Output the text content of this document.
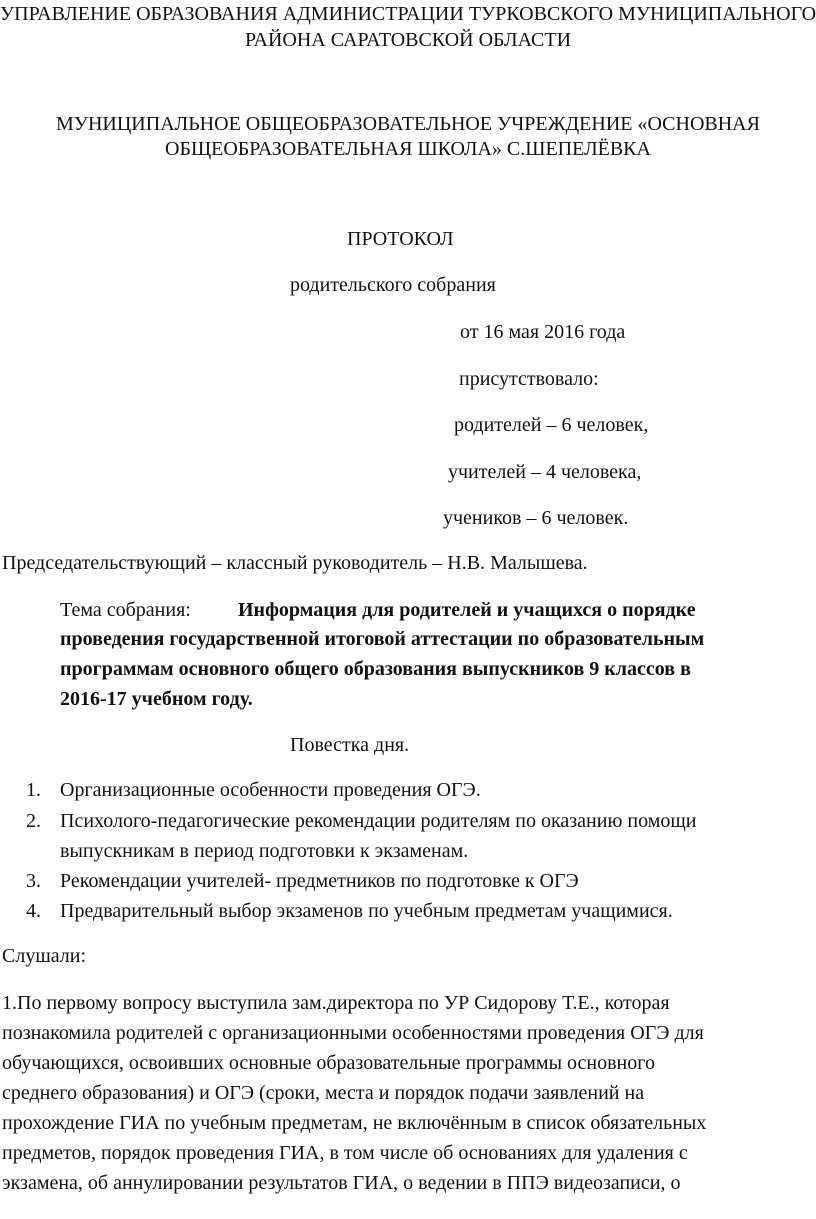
УПРАВЛЕНИЕ ОБРАЗОВАНИЯ АДМИНИСТРАЦИИ ТУРКОВСКОГО МУНИЦИПАЛЬНОГО
РАЙОНА САРАТОВСКОЙ ОБЛАСТИ
МУНИЦИПАЛЬНОЕ ОБЩЕОБРАЗОВАТЕЛЬНОЕ УЧРЕЖДЕНИЕ «ОСНОВНАЯ
ОБЩЕОБРАЗОВАТЕЛЬНАЯ ШКОЛА» С.ШЕПЕЛЁВКА
ПРОТОКОЛ
родительского собрания
от 16 мая 2016 года
присутствовало:
родителей – 6 человек,
учителей – 4 человека,
учеников – 6 человек.
Председательствующий – классный руководитель – Н.В. Малышева.
Тема собрания: Информация для родителей и учащихся о порядке
проведения государственной итоговой аттестации по образовательным
программам основного общего образования выпускников 9 классов в
2016-17 учебном году.
Повестка дня.
1. Организационные особенности проведения ОГЭ.
2. Психолого-педагогические рекомендации родителям по оказанию помощи
выпускникам в период подготовки к экзаменам.
3. Рекомендации учителей- предметников по подготовке к ОГЭ
4. Предварительный выбор экзаменов по учебным предметам учащимися.
Слушали:
1.По первому вопросу выступила зам.директора по УР Сидорову Т.Е., которая
познакомила родителей с организационными особенностями проведения ОГЭ для
обучающихся, освоивших основные образовательные программы основного
среднего образования) и ОГЭ (сроки, места и порядок подачи заявлений на
прохождение ГИА по учебным предметам, не включённым в список обязательных
предметов, порядок проведения ГИА, в том числе об основаниях для удаления с
экзамена, об аннулировании результатов ГИА, о ведении в ППЭ видеозаписи, о
